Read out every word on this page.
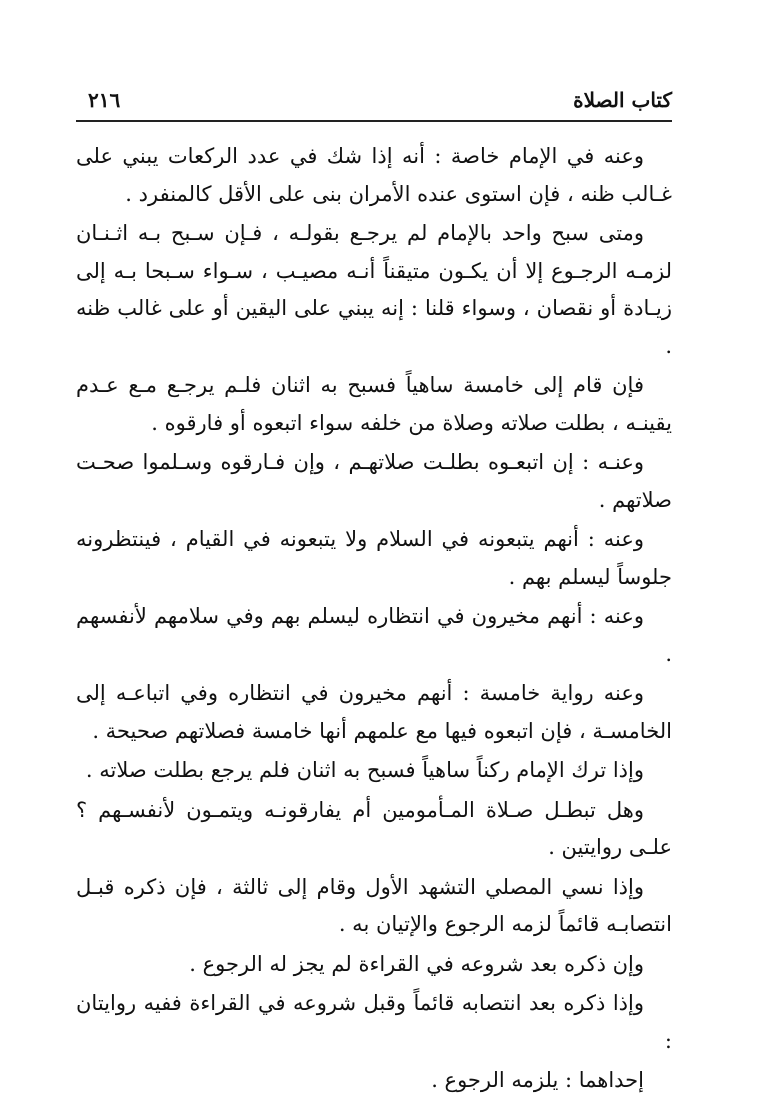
كتاب الصلاة
٢١٦

وعنه في الإمام خاصة : أنه إذا شك في عدد الركعات يبني على غـالب ظنه ، فإن استوى عنده الأمران بنى على الأقل كالمنفرد .

ومتى سبح واحد بالإمام لم يرجـع بقولـه ، فـإن سـبح بـه اثـنـان لزمـه الرجـوع إلا أن يكـون متيقناً أنـه مصيـب ، سـواء سـبحا بـه إلى زيـادة أو نقصان ، وسواء قلنا : إنه يبني على اليقين أو على غالب ظنه .

فإن قام إلى خامسة ساهياً فسبح به اثنان فلـم يرجـع مـع عـدم يقينـه ، بطلت صلاته وصلاة من خلفه سواء اتبعوه أو فارقوه .

وعنـه : إن اتبعـوه بطلـت صلاتهـم ، وإن فـارقوه وسـلموا صحـت صلاتهم .

وعنه : أنهم يتبعونه في السلام ولا يتبعونه في القيام ، فينتظرونه جلوساً ليسلم بهم .

وعنه : أنهم مخيرون في انتظاره ليسلم بهم وفي سلامهم لأنفسهم .

وعنه رواية خامسة : أنهم مخيرون في انتظاره وفي اتباعـه إلى الخامسـة ، فإن اتبعوه فيها مع علمهم أنها خامسة فصلاتهم صحيحة .

وإذا ترك الإمام ركناً ساهياً فسبح به اثنان فلم يرجع بطلت صلاته .

وهل تبطـل صـلاة المـأمومين أم يفارقونـه ويتمـون لأنفسـهم ؟ علـى روايتين .

وإذا نسي المصلي التشهد الأول وقام إلى ثالثة ، فإن ذكره قبـل انتصابـه قائماً لزمه الرجوع والإتيان به .

وإن ذكره بعد شروعه في القراءة لم يجز له الرجوع .

وإذا ذكره بعد انتصابه قائماً وقبل شروعه في القراءة ففيه روايتان :

إحداهما : يلزمه الرجوع .
